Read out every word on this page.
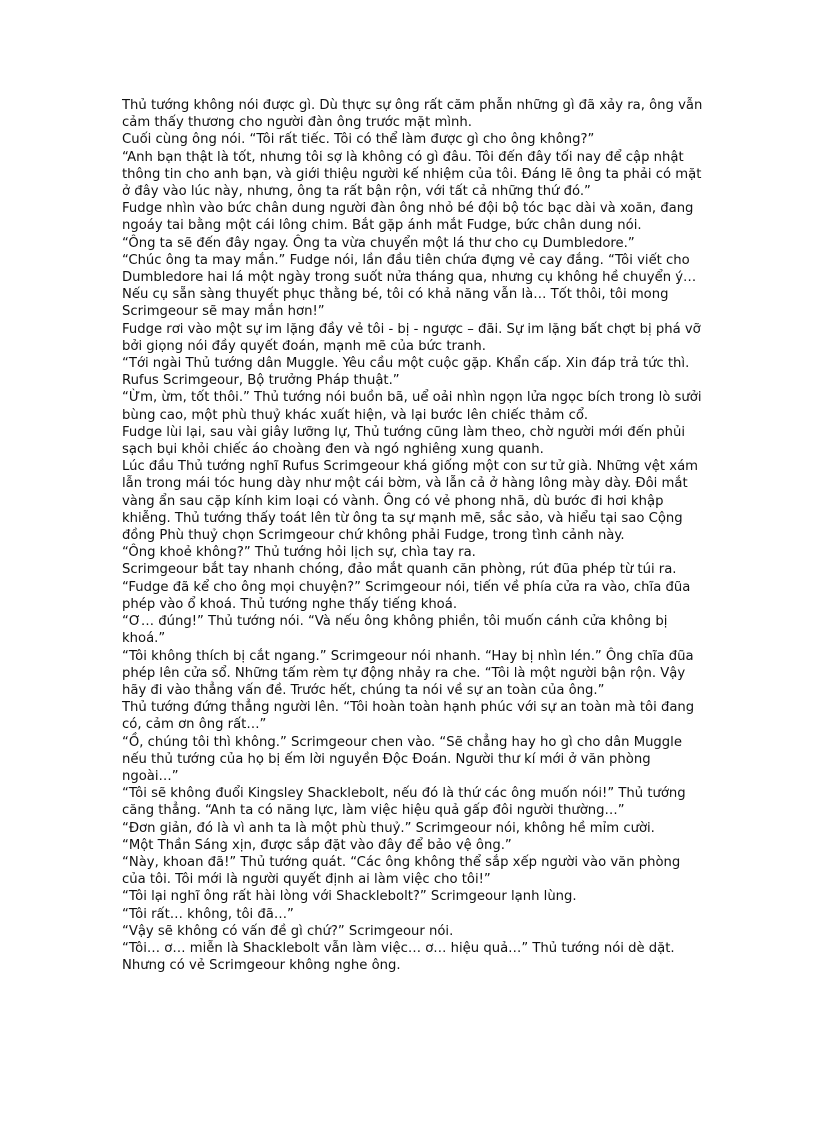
Thủ tướng không nói được gì. Dù thực sự ông rất căm phẫn những gì đã xảy ra, ông vẫn cảm thấy thương cho người đàn ông trước mặt mình.

Cuối cùng ông nói. “Tôi rất tiếc. Tôi có thể làm được gì cho ông không?”

“Anh bạn thật là tốt, nhưng tôi sợ là không có gì đâu. Tôi đến đây tối nay để cập nhật thông tin cho anh bạn, và giới thiệu người kế nhiệm của tôi. Đáng lẽ ông ta phải có mặt ở đây vào lúc này, nhưng, ông ta rất bận rộn, với tất cả những thứ đó.”

Fudge nhìn vào bức chân dung người đàn ông nhỏ bé đội bộ tóc bạc dài và xoăn, đang ngoáy tai bằng một cái lông chim. Bắt gặp ánh mắt Fudge, bức chân dung nói.

“Ông ta sẽ đến đây ngay. Ông ta vừa chuyển một lá thư cho cụ Dumbledore.”

“Chúc ông ta may mắn.” Fudge nói, lần đầu tiên chứa đựng vẻ cay đắng. “Tôi viết cho Dumbledore hai lá một ngày trong suốt nửa tháng qua, nhưng cụ không hề chuyển ý… Nếu cụ sẵn sàng thuyết phục thằng bé, tôi có khả năng vẫn là… Tốt thôi, tôi mong Scrimgeour sẽ may mắn hơn!”

Fudge rơi vào một sự im lặng đầy vẻ tôi - bị - ngược – đãi. Sự im lặng bất chợt bị phá vỡ bởi giọng nói đầy quyết đoán, mạnh mẽ của bức tranh.

“Tới ngài Thủ tướng dân Muggle. Yêu cầu một cuộc gặp. Khẩn cấp. Xin đáp trả tức thì. Rufus Scrimgeour, Bộ trưởng Pháp thuật.”

“Ừm, ừm, tốt thôi.” Thủ tướng nói buồn bã, uể oải nhìn ngọn lửa ngọc bích trong lò sưởi bùng cao, một phù thuỷ khác xuất hiện, và lại bước lên chiếc thảm cổ.

Fudge lùi lại, sau vài giây lưỡng lự, Thủ tướng cũng làm theo, chờ người mới đến phủi sạch bụi khỏi chiếc áo choàng đen và ngó nghiêng xung quanh.

Lúc đầu Thủ tướng nghĩ Rufus Scrimgeour khá giống một con sư tử già. Những vệt xám lẫn trong mái tóc hung dày như một cái bờm, và lẫn cả ở hàng lông mày dày. Đôi mắt vàng ẩn sau cặp kính kim loại có vành. Ông có vẻ phong nhã, dù bước đi hơi khập khiễng. Thủ tướng thấy toát lên từ ông ta sự mạnh mẽ, sắc sảo, và hiểu tại sao Cộng đồng Phù thuỷ chọn Scrimgeour chứ không phải Fudge, trong tình cảnh này.

“Ông khoẻ không?” Thủ tướng hỏi lịch sự, chìa tay ra.

Scrimgeour bắt tay nhanh chóng, đảo mắt quanh căn phòng, rút đũa phép từ túi ra.

“Fudge đã kể cho ông mọi chuyện?” Scrimgeour nói, tiến về phía cửa ra vào, chĩa đũa phép vào ổ khoá. Thủ tướng nghe thấy tiếng khoá.

“Ơ… đúng!” Thủ tướng nói. “Và nếu ông không phiền, tôi muốn cánh cửa không bị khoá.”

“Tôi không thích bị cắt ngang.” Scrimgeour nói nhanh. “Hay bị nhìn lén.” Ông chĩa đũa phép lên cửa sổ. Những tấm rèm tự động nhảy ra che. “Tôi là một người bận rộn. Vậy hãy đi vào thẳng vấn đề. Trước hết, chúng ta nói về sự an toàn của ông.”

Thủ tướng đứng thẳng người lên. “Tôi hoàn toàn hạnh phúc với sự an toàn mà tôi đang có, cảm ơn ông rất…”

“Ồ, chúng tôi thì không.” Scrimgeour chen vào. “Sẽ chẳng hay ho gì cho dân Muggle nếu thủ tướng của họ bị ếm lời nguyền Độc Đoán. Người thư kí mới ở văn phòng ngoài…”

“Tôi sẽ không đuổi Kingsley Shacklebolt, nếu đó là thứ các ông muốn nói!” Thủ tướng căng thẳng. “Anh ta có năng lực, làm việc hiệu quả gấp đôi người thường…”

“Đơn giản, đó là vì anh ta là một phù thuỷ.” Scrimgeour nói, không hề mỉm cười.

“Một Thần Sáng xịn, được sắp đặt vào đây để bảo vệ ông.”

“Này, khoan đã!” Thủ tướng quát. “Các ông không thể sắp xếp người vào văn phòng của tôi. Tôi mới là người quyết định ai làm việc cho tôi!”

“Tôi lại nghĩ ông rất hài lòng với Shacklebolt?” Scrimgeour lạnh lùng.

“Tôi rất… không, tôi đã…”

“Vậy sẽ không có vấn đề gì chứ?” Scrimgeour nói.

“Tôi… ơ… miễn là Shacklebolt vẫn làm việc… ơ… hiệu quả…” Thủ tướng nói dè dặt.

Nhưng có vẻ Scrimgeour không nghe ông.
